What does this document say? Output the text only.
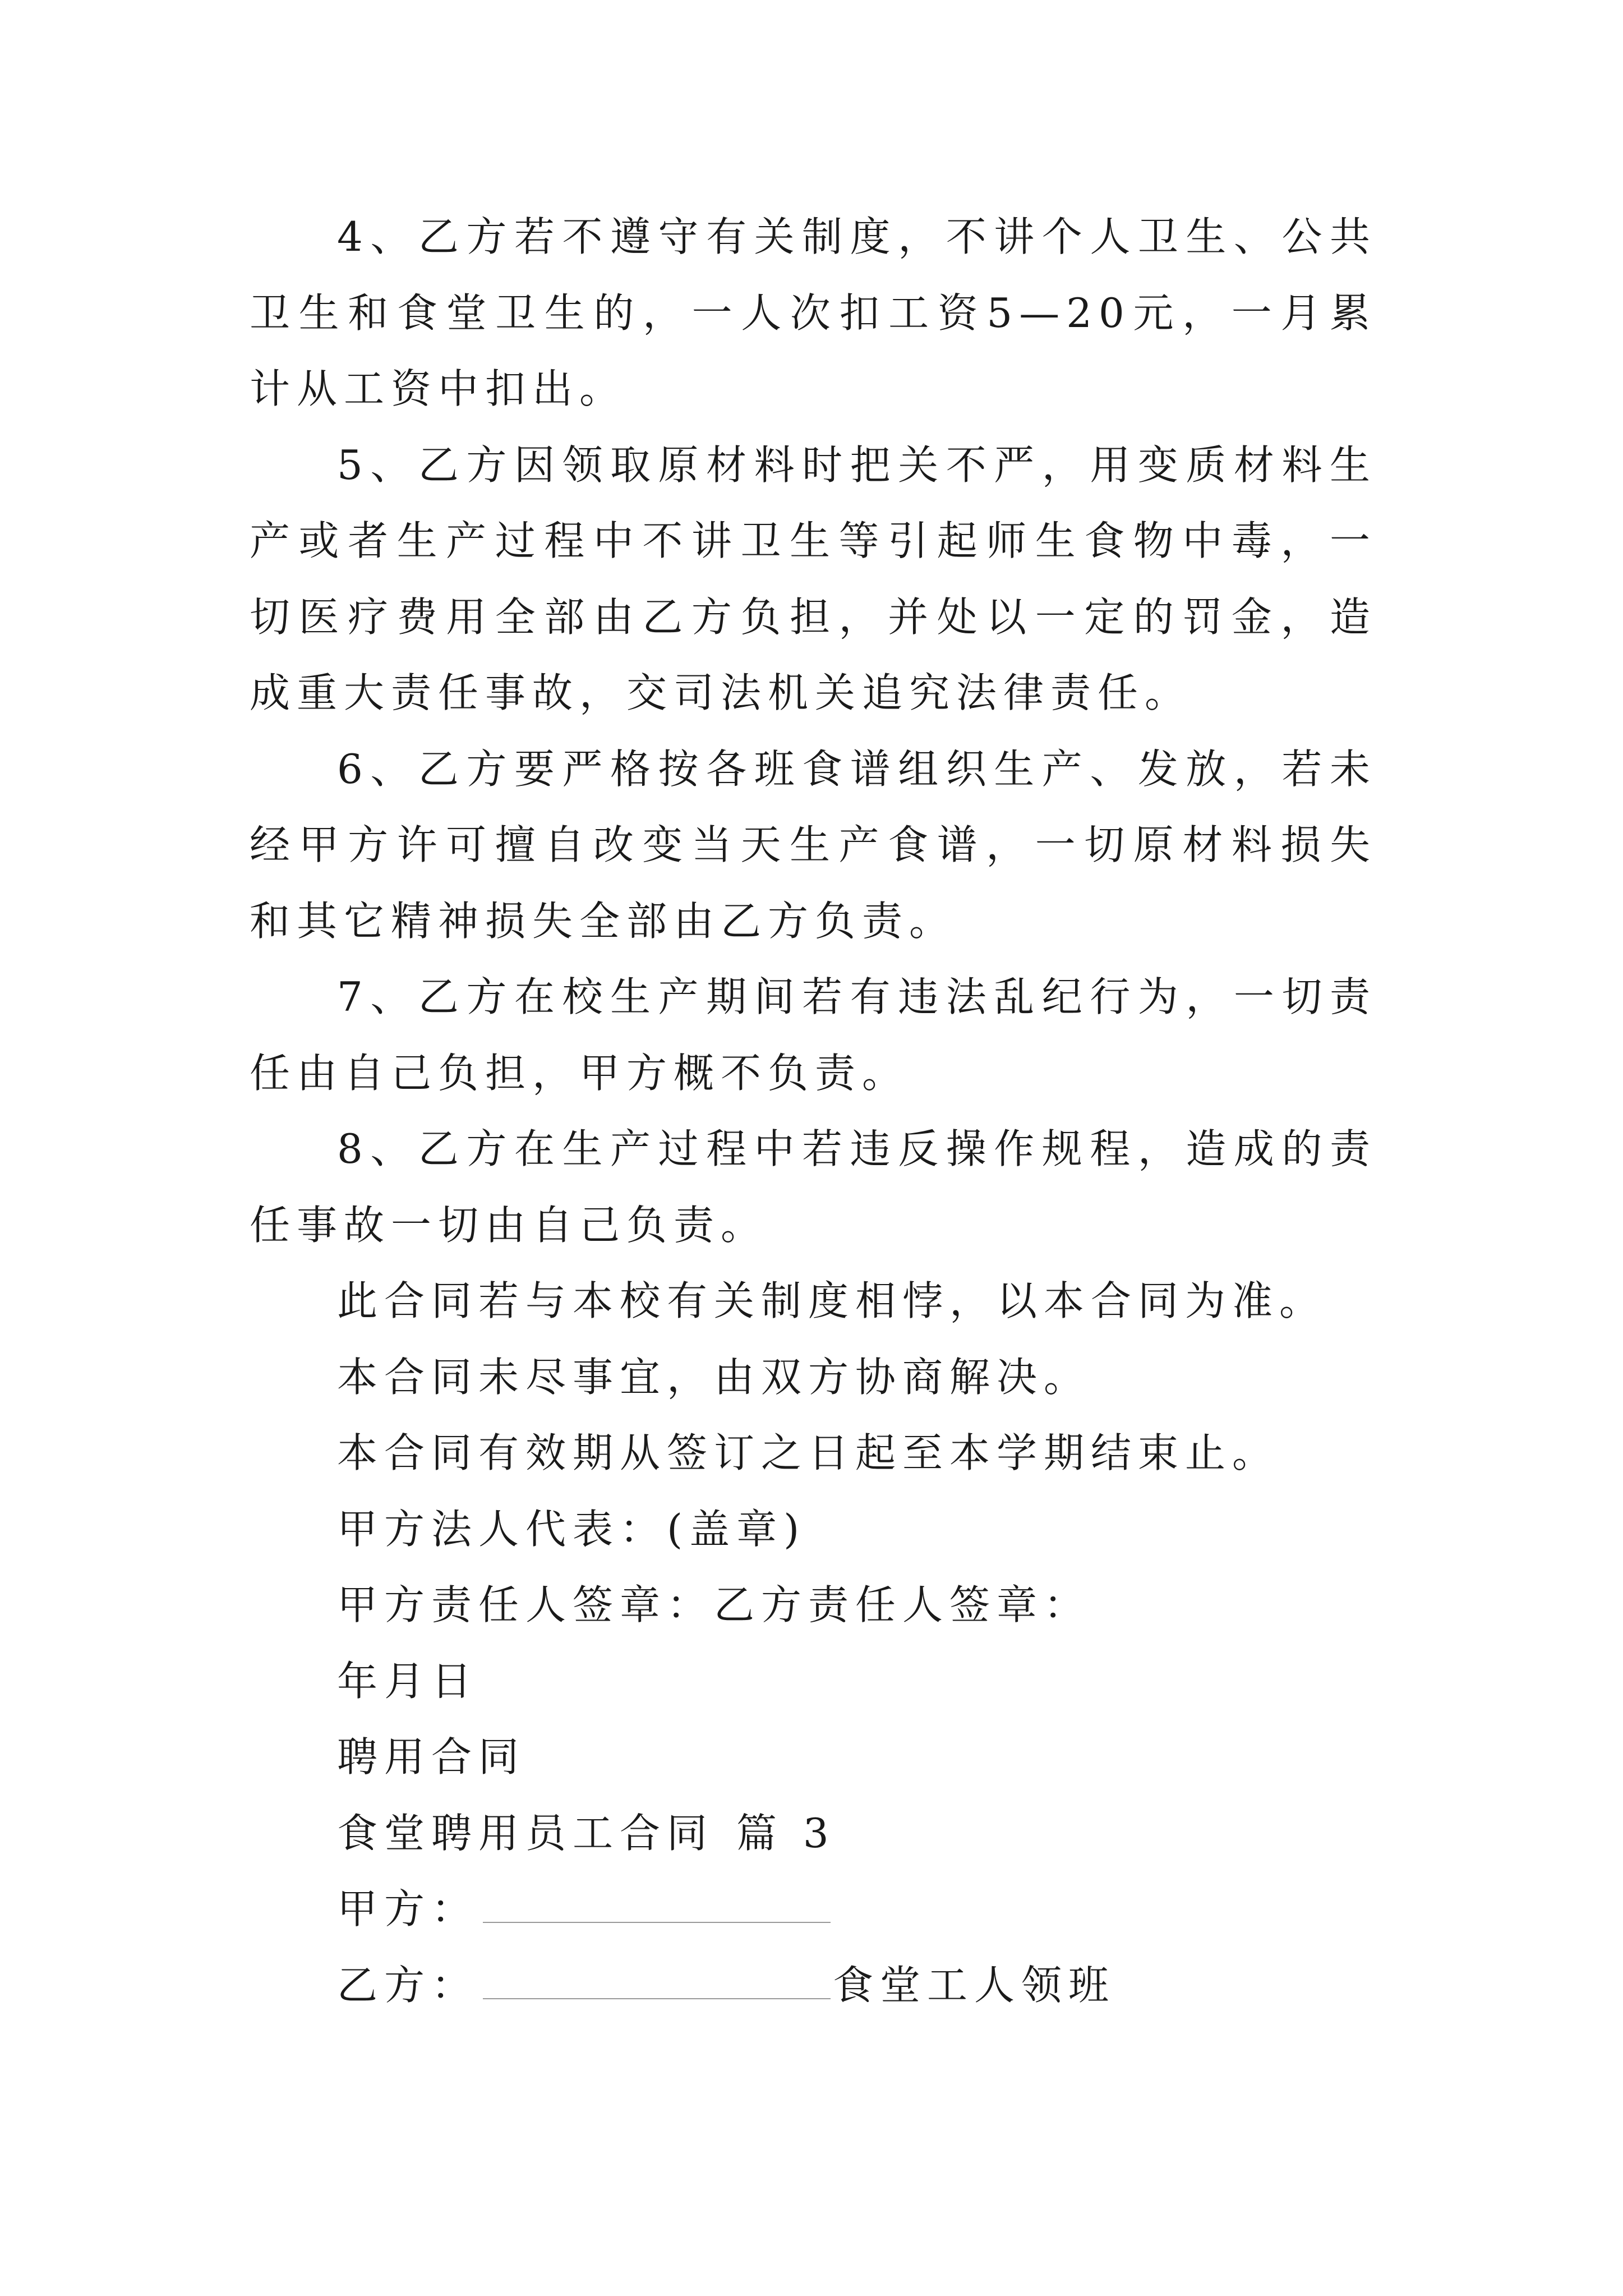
4、乙方若不遵守有关制度，不讲个人卫生、公共卫生和食堂卫生的，一人次扣工资5—20元，一月累计从工资中扣出。

5、乙方因领取原材料时把关不严，用变质材料生产或者生产过程中不讲卫生等引起师生食物中毒，一切医疗费用全部由乙方负担，并处以一定的罚金，造成重大责任事故，交司法机关追究法律责任。

6、乙方要严格按各班食谱组织生产、发放，若未经甲方许可擅自改变当天生产食谱，一切原材料损失和其它精神损失全部由乙方负责。

7、乙方在校生产期间若有违法乱纪行为，一切责任由自己负担，甲方概不负责。

8、乙方在生产过程中若违反操作规程，造成的责任事故一切由自己负责。

此合同若与本校有关制度相悖，以本合同为准。

本合同未尽事宜，由双方协商解决。

本合同有效期从签订之日起至本学期结束止。

甲方法人代表：(盖章)

甲方责任人签章：乙方责任人签章：

年月日

聘用合同

食堂聘用员工合同 篇 3

甲方：

乙方：	食堂工人领班
